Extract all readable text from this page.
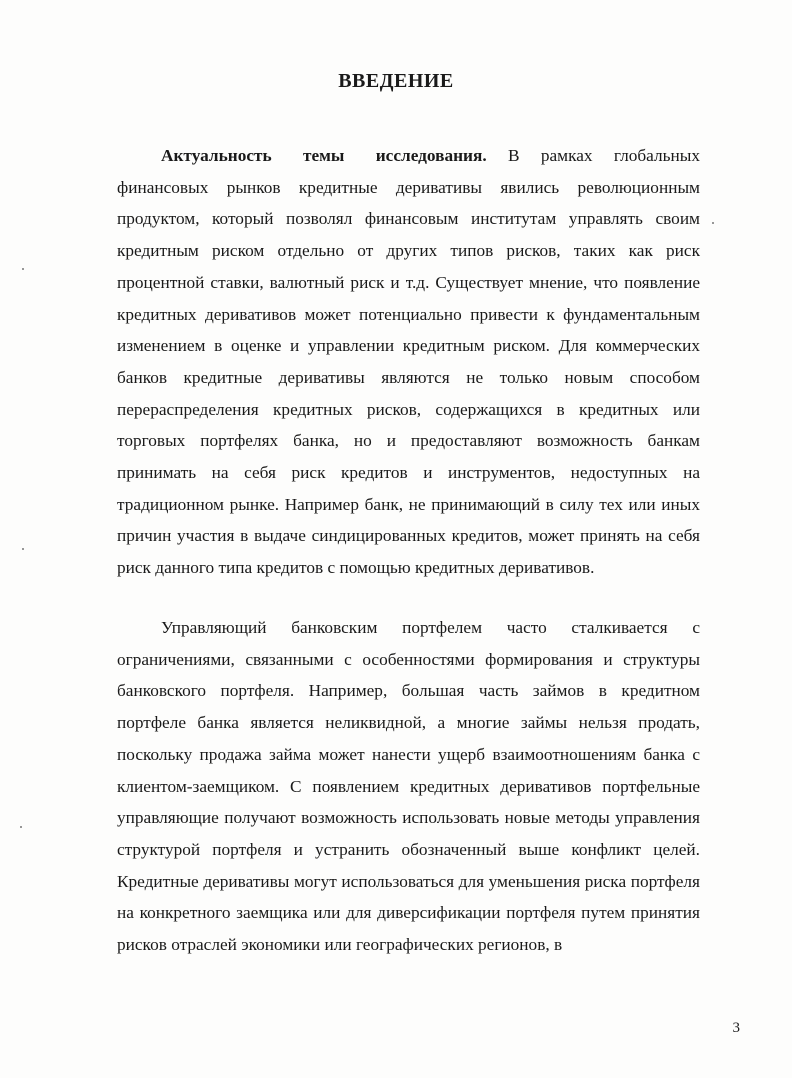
ВВЕДЕНИЕ

Актуальность темы исследования. В рамках глобальных финансовых рынков кредитные деривативы явились революционным продуктом, который позволял финансовым институтам управлять своим кредитным риском отдельно от других типов рисков, таких как риск процентной ставки, валютный риск и т.д. Существует мнение, что появление кредитных деривативов может потенциально привести к фундаментальным изменением в оценке и управлении кредитным риском. Для коммерческих банков кредитные деривативы являются не только новым способом перераспределения кредитных рисков, содержащихся в кредитных или торговых портфелях банка, но и предоставляют возможность банкам принимать на себя риск кредитов и инструментов, недоступных на традиционном рынке. Например банк, не принимающий в силу тех или иных причин участия в выдаче синдицированных кредитов, может принять на себя риск данного типа кредитов с помощью кредитных деривативов.

Управляющий банковским портфелем часто сталкивается с ограничениями, связанными с особенностями формирования и структуры банковского портфеля. Например, большая часть займов в кредитном портфеле банка является неликвидной, а многие займы нельзя продать, поскольку продажа займа может нанести ущерб взаимоотношениям банка с клиентом-заемщиком. С появлением кредитных деривативов портфельные управляющие получают возможность использовать новые методы управления структурой портфеля и устранить обозначенный выше конфликт целей. Кредитные деривативы могут использоваться для уменьшения риска портфеля на конкретного заемщика или для диверсификации портфеля путем принятия рисков отраслей экономики или географических регионов, в

3
